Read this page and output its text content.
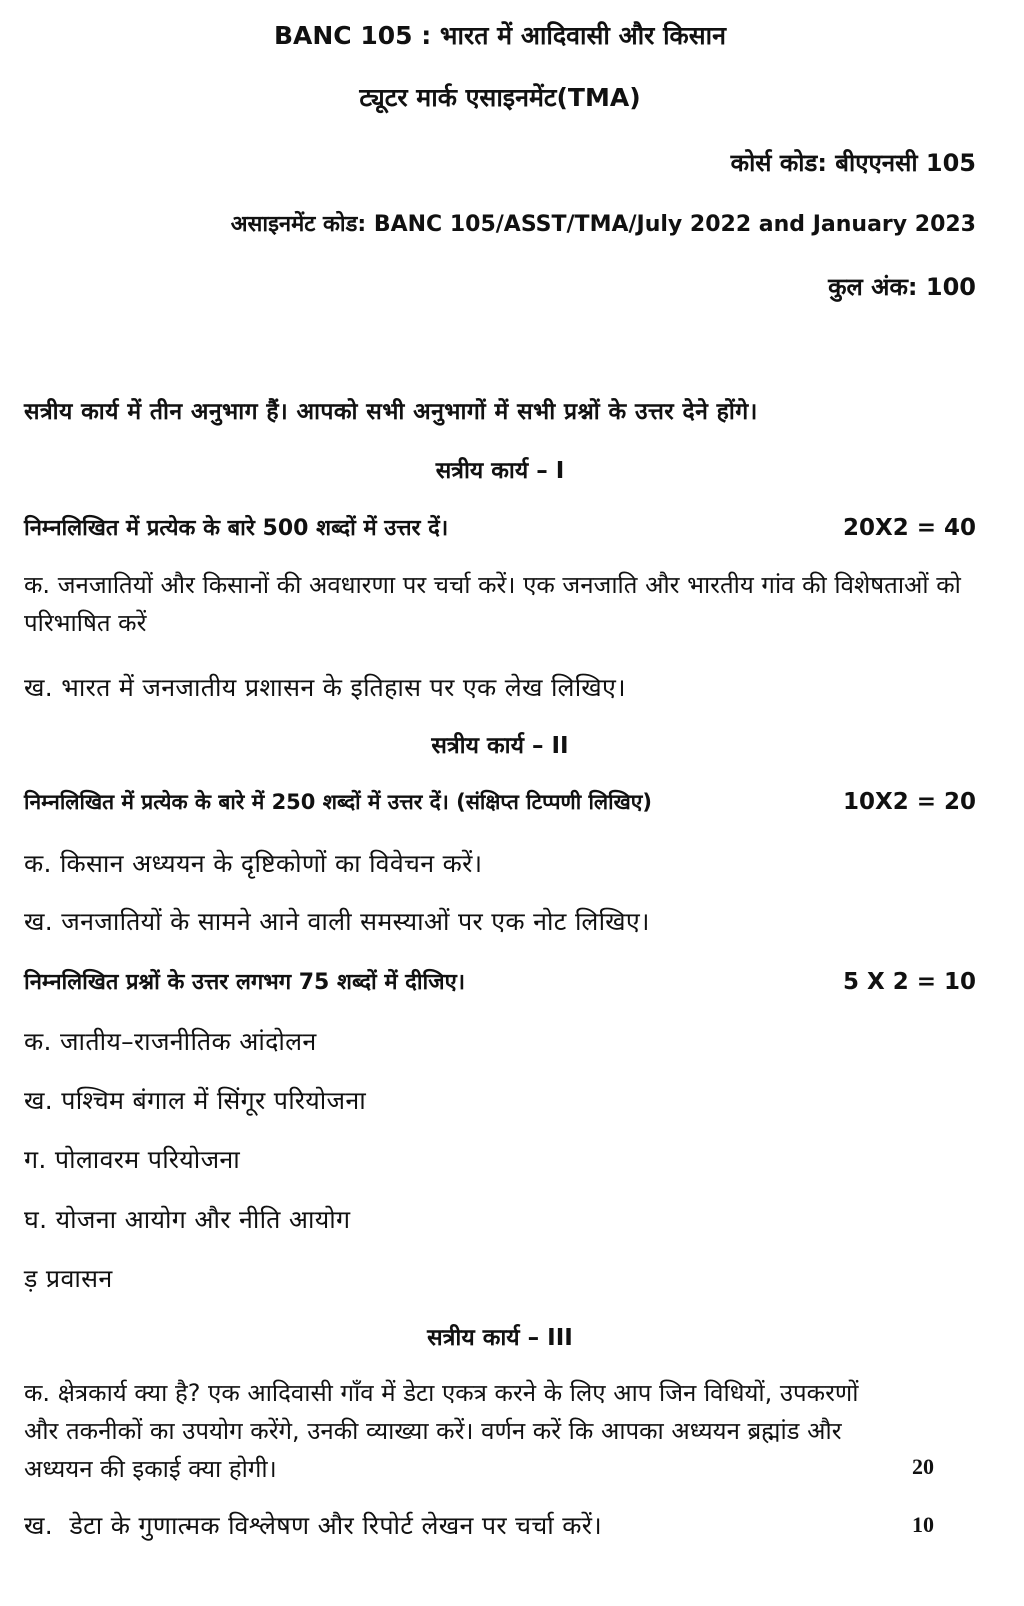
BANC 105 : भारत में आदिवासी और किसान
ट्यूटर मार्क एसाइनमेंट(TMA)
कोर्स कोड: बीएएनसी 105
असाइनमेंट कोड: BANC 105/ASST/TMA/July 2022 and January 2023
कुल अंक: 100
सत्रीय कार्य में तीन अनुभाग हैं। आपको सभी अनुभागों में सभी प्रश्नों के उत्तर देने होंगे।
सत्रीय कार्य – I
निम्नलिखित में प्रत्येक के बारे 500 शब्दों में उत्तर दें।	20X2 = 40
क. जनजातियों और किसानों की अवधारणा पर चर्चा करें। एक जनजाति और भारतीय गांव की विशेषताओं को परिभाषित करें
ख. भारत में जनजातीय प्रशासन के इतिहास पर एक लेख लिखिए।
सत्रीय कार्य – II
निम्नलिखित में प्रत्येक के बारे में 250 शब्दों में उत्तर दें। (संक्षिप्त टिप्पणी लिखिए)	10X2 = 20
क. किसान अध्ययन के दृष्टिकोणों का विवेचन करें।
ख. जनजातियों के सामने आने वाली समस्याओं पर एक नोट लिखिए।
निम्नलिखित प्रश्नों के उत्तर लगभग 75 शब्दों में दीजिए।	5 X 2 = 10
क. जातीय–राजनीतिक आंदोलन
ख. पश्चिम बंगाल में सिंगूर परियोजना
ग. पोलावरम परियोजना
घ. योजना आयोग और नीति आयोग
ड़ प्रवासन
सत्रीय कार्य – III
क. क्षेत्रकार्य क्या है? एक आदिवासी गाँव में डेटा एकत्र करने के लिए आप जिन विधियों, उपकरणों और तकनीकों का उपयोग करेंगे, उनकी व्याख्या करें। वर्णन करें कि आपका अध्ययन ब्रह्मांड और अध्ययन की इकाई क्या होगी।	20
ख.  डेटा के गुणात्मक विश्लेषण और रिपोर्ट लेखन पर चर्चा करें।	10
